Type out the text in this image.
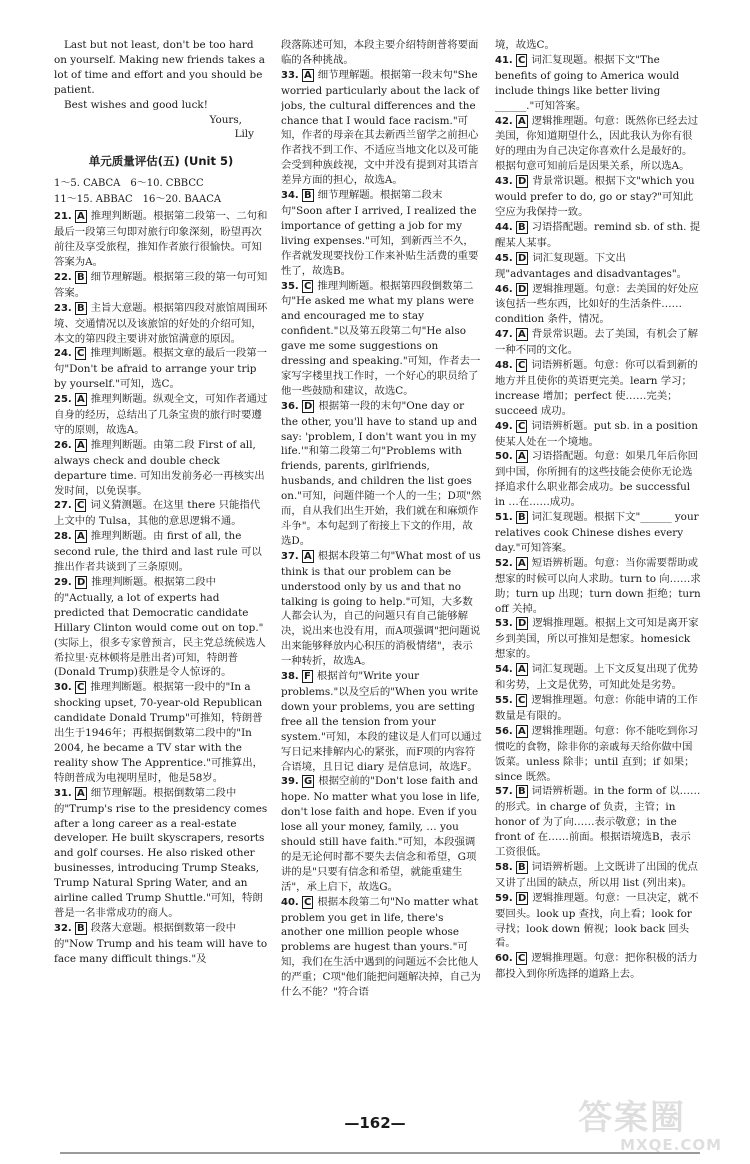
Last but not least, don't be too hard on yourself. Making new friends takes a lot of time and effort and you should be patient.

Best wishes and good luck!

Yours,

Lily

单元质量评估(五) (Unit 5)
1～5. CABCA　6～10. CBBCC
11～15. ABBAC　16～20. BAACA

21. A 推理判断题。根据第二段第一、二句和最后一段第三句即对旅行印象深刻，盼望再次前往及享受旅程，推知作者旅行很愉快。可知答案为A。

22. B 细节理解题。根据第三段的第一句可知答案。

23. B 主旨大意题。根据第四段对旅馆周围环境、交通情况以及该旅馆的好处的介绍可知，本文的第四段主要讲对旅馆满意的原因。

24. C 推理判断题。根据文章的最后一段第一句"Don't be afraid to arrange your trip by yourself."可知，选C。

25. A 推理判断题。纵观全文，可知作者通过自身的经历，总结出了几条宝贵的旅行时要遵守的原则，故选A。

26. A 推理判断题。由第二段 First of all, always check and double check departure time. 可知出发前务必一再核实出发时间，以免误事。

27. C 词义猜测题。在这里 there 只能指代上文中的 Tulsa，其他的意思逻辑不通。

28. A 推理判断题。由 first of all, the second rule, the third and last rule 可以推出作者共谈到了三条原则。

29. D 推理判断题。根据第二段中的"Actually, a lot of experts had predicted that Democratic candidate Hillary Clinton would come out on top."(实际上，很多专家曾预言，民主党总统候选人希拉里·克林顿将是胜出者)可知，特朗普(Donald Trump)获胜是令人惊讶的。

30. C 推理判断题。根据第一段中的"In a shocking upset, 70-year-old Republican candidate Donald Trump"可推知，特朗普出生于1946年；再根据倒数第二段中的"In 2004, he became a TV star with the reality show The Apprentice."可推算出，特朗普成为电视明星时，他是58岁。

31. A 细节理解题。根据倒数第二段中的"Trump's rise to the presidency comes after a long career as a real-estate developer. He built skyscrapers, resorts and golf courses. He also risked other businesses, introducing Trump Steaks, Trump Natural Spring Water, and an airline called Trump Shuttle."可知，特朗普是一名非常成功的商人。

32. B 段落大意题。根据倒数第一段中的"Now Trump and his team will have to face many difficult things."及

段落陈述可知，本段主要介绍特朗普将要面临的各种挑战。

33. A 细节理解题。根据第一段末句"She worried particularly about the lack of jobs, the cultural differences and the chance that I would face racism."可知，作者的母亲在其去新西兰留学之前担心作者找不到工作、不适应当地文化以及可能会受到种族歧视，文中并没有提到对其语言差异方面的担心，故选A。

34. B 细节理解题。根据第二段末句"Soon after I arrived, I realized the importance of getting a job for my living expenses."可知，到新西兰不久，作者就发现要找份工作来补贴生活费的重要性了，故选B。

35. C 推理判断题。根据第四段倒数第二句"He asked me what my plans were and encouraged me to stay confident."以及第五段第二句"He also gave me some suggestions on dressing and speaking."可知，作者去一家写字楼里找工作时，一个好心的职员给了他一些鼓励和建议，故选C。

36. D 根据第一段的末句"One day or the other, you'll have to stand up and say: 'problem, I don't want you in my life.'"和第二段第二句"Problems with friends, parents, girlfriends, husbands, and children the list goes on."可知，问题伴随一个人的一生；D项"然而，自从我们出生开始，我们就在和麻烦作斗争"。本句起到了衔接上下文的作用，故选D。

37. A 根据本段第二句"What most of us think is that our problem can be understood only by us and that no talking is going to help."可知，大多数人都会认为，自己的问题只有自己能够解决，说出来也没有用，而A项强调"把问题说出来能够释放内心积压的消极情绪"，表示一种转折，故选A。

38. F 根据首句"Write your problems."以及空后的"When you write down your problems, you are setting free all the tension from your system."可知，本段的建议是人们可以通过写日记来排解内心的紧张，而F项的内容符合语境，且日记 diary 是信息词，故选F。

39. G 根据空前的"Don't lose faith and hope. No matter what you lose in life, don't lose faith and hope. Even if you lose all your money, family, … you should still have faith."可知，本段强调的是无论何时都不要失去信念和希望，G项讲的是"只要有信念和希望，就能重建生活"，承上启下，故选G。

40. C 根据本段第二句"No matter what problem you get in life, there's another one million people whose problems are hugest than yours."可知，我们在生活中遇到的问题远不会比他人的严重；C项"他们能把问题解决掉，自己为什么不能？"符合语

境，故选C。

41. C 词汇复现题。根据下文"The benefits of going to America would include things like better living ______."可知答案。

42. A 逻辑推理题。句意：既然你已经去过美国，你知道期望什么，因此我认为你有很好的理由为自己决定你喜欢什么是最好的。根据句意可知前后是因果关系，所以选A。

43. D 背景常识题。根据下文"which you would prefer to do, go or stay?"可知此空应为我保持一致。

44. B 习语搭配题。remind sb. of sth. 提醒某人某事。

45. D 词汇复现题。下文出现"advantages and disadvantages"。

46. D 逻辑推理题。句意：去美国的好处应该包括一些东西，比如好的生活条件……condition 条件，情况。

47. A 背景常识题。去了美国，有机会了解一种不同的文化。

48. C 词语辨析题。句意：你可以看到新的地方并且使你的英语更完美。learn 学习；increase 增加；perfect 使……完美；succeed 成功。

49. C 词语辨析题。put sb. in a position 使某人处在一个境地。

50. A 习语搭配题。句意：如果几年后你回到中国，你所拥有的这些技能会使你无论选择追求什么职业都会成功。be successful in …在……成功。

51. B 词汇复现题。根据下文"______ your relatives cook Chinese dishes every day."可知答案。

52. A 短语辨析题。句意：当你需要帮助或想家的时候可以向人求助。turn to 向……求助；turn up 出现；turn down 拒绝；turn off 关掉。

53. D 逻辑推理题。根据上文可知是离开家乡到美国，所以可推知是想家。homesick 想家的。

54. A 词汇复现题。上下文反复出现了优势和劣势，上文是优势，可知此处是劣势。

55. C 逻辑推理题。句意：你能申请的工作数量是有限的。

56. A 逻辑推理题。句意：你不能吃到你习惯吃的食物，除非你的亲戚每天给你做中国饭菜。unless 除非；until 直到；if 如果；since 既然。

57. B 词语辨析题。in the form of 以……的形式。in charge of 负责，主管；in honor of 为了向……表示敬意；in the front of 在……前面。根据语境选B，表示工资很低。

58. B 词语辨析题。上文既讲了出国的优点又讲了出国的缺点，所以用 list (列出来)。

59. D 逻辑推理题。句意：一旦决定，就不要回头。look up 查找，向上看；look for 寻找；look down 俯视；look back 回头看。

60. C 逻辑推理题。句意：把你积极的活力都投入到你所选择的道路上去。

—162—	答案圈
MXQE.COM
